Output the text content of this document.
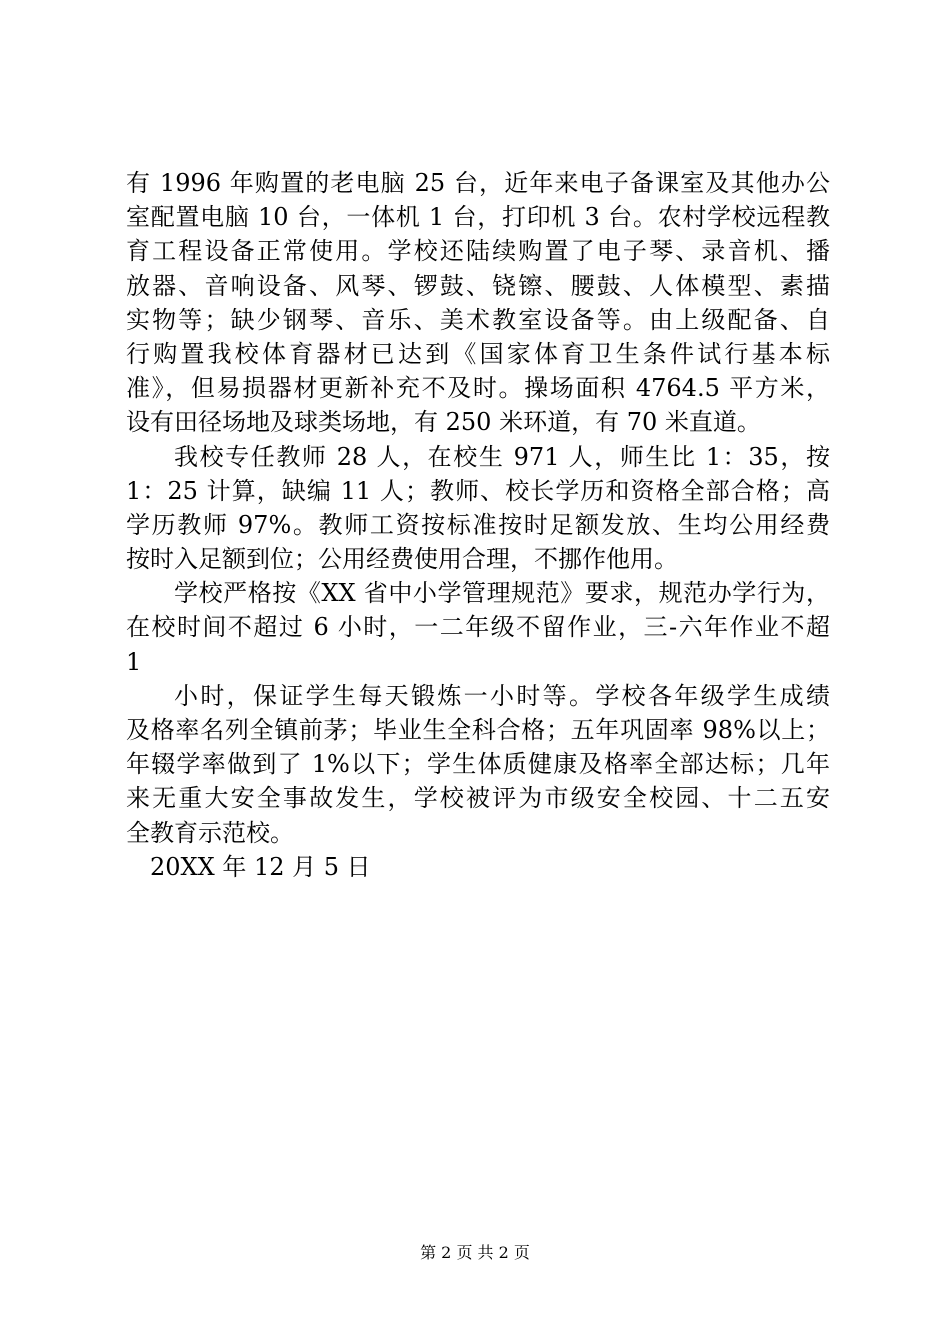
有 1996 年购置的老电脑 25 台，近年来电子备课室及其他办公
室配置电脑 10 台，一体机 1 台，打印机 3 台。农村学校远程教
育工程设备正常使用。学校还陆续购置了电子琴、录音机、播
放器、音响设备、风琴、锣鼓、铙镲、腰鼓、人体模型、素描
实物等；缺少钢琴、音乐、美术教室设备等。由上级配备、自
行购置我校体育器材已达到《国家体育卫生条件试行基本标
准》，但易损器材更新补充不及时。操场面积 4764.5 平方米，
设有田径场地及球类场地，有 250 米环道，有 70 米直道。
我校专任教师 28 人，在校生 971 人，师生比 1：35，按
1：25 计算，缺编 11 人；教师、校长学历和资格全部合格；高
学历教师 97%。教师工资按标准按时足额发放、生均公用经费
按时入足额到位；公用经费使用合理，不挪作他用。
学校严格按《XX 省中小学管理规范》要求，规范办学行为，
在校时间不超过 6 小时，一二年级不留作业，三-六年作业不超
1
小时，保证学生每天锻炼一小时等。学校各年级学生成绩
及格率名列全镇前茅；毕业生全科合格；五年巩固率 98%以上；
年辍学率做到了 1%以下；学生体质健康及格率全部达标；几年
来无重大安全事故发生，学校被评为市级安全校园、十二五安
全教育示范校。
20XX 年 12 月 5 日
第 2 页 共 2 页
